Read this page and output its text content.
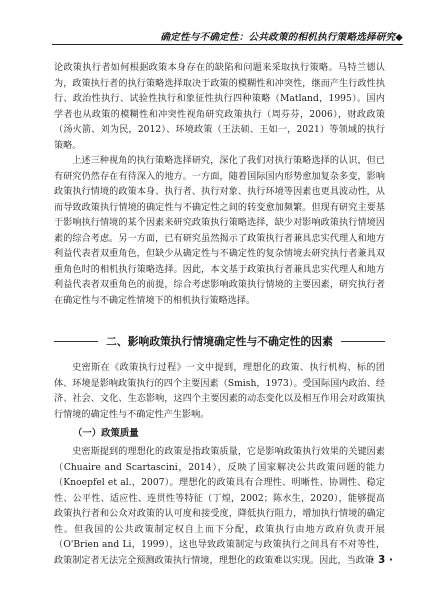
确定性与不确定性：公共政策的相机执行策略选择研究◆

论政策执行者如何根据政策本身存在的缺陷和问题来采取执行策略。马特兰德认为，政策执行者的执行策略选择取决于政策的模糊性和冲突性，继而产生行政性执行、政治性执行、试验性执行和象征性执行四种策略（Matland，1995）。国内学者也从政策的模糊性和冲突性视角研究政策执行（周芬芬，2006），财政政策（汤火箭、刘为民，2012）、环境政策（王法硕、王如一，2021）等领域的执行策略。

上述三种视角的执行策略选择研究，深化了我们对执行策略选择的认识，但已有研究仍然存在有待深入的地方。一方面，随着国际国内形势愈加复杂多变，影响政策执行情境的政策本身、执行者、执行对象、执行环境等因素也更具波动性，从而导致政策执行情境的确定性与不确定性之间的转变愈加频繁。但现有研究主要基于影响执行情境的某个因素来研究政策执行策略选择，缺少对影响政策执行情境因素的综合考虑。另一方面，已有研究虽然揭示了政策执行者兼具忠实代理人和地方利益代表者双重角色，但缺少从确定性与不确定性的复杂情境去研究执行者兼具双重角色时的相机执行策略选择。因此，本文基于政策执行者兼具忠实代理人和地方利益代表者双重角色的前提，综合考虑影响政策执行情境的主要因素，研究执行者在确定性与不确定性情境下的相机执行策略选择。

二、影响政策执行情境确定性与不确定性的因素

史密斯在《政策执行过程》一文中提到，理想化的政策、执行机构、标的团体、环境是影响政策执行的四个主要因素（Smish，1973）。受国际国内政治、经济、社会、文化、生态影响，这四个主要因素的动态变化以及相互作用会对政策执行情境的确定性与不确定性产生影响。

（一）政策质量

史密斯提到的理想化的政策是指政策质量，它是影响政策执行效果的关键因素（Chuaire and Scartascini，2014），反映了国家解决公共政策问题的能力（Knoepfel et al.，2007）。理想化的政策具有合理性、明晰性、协调性、稳定性、公平性、适应性、连贯性等特征（丁煌，2002；陈水生，2020），能够提高政策执行者和公众对政策的认可度和接受度，降低执行阻力，增加执行情境的确定性。但我国的公共政策制定权自上而下分配，政策执行由地方政府负责开展（O'Brien and Li，1999），这也导致政策制定与政策执行之间具有不对等性，政策制定者无法完全预测政策执行情境，理想化的政策难以实现。因此，当政策

· 3 ·
